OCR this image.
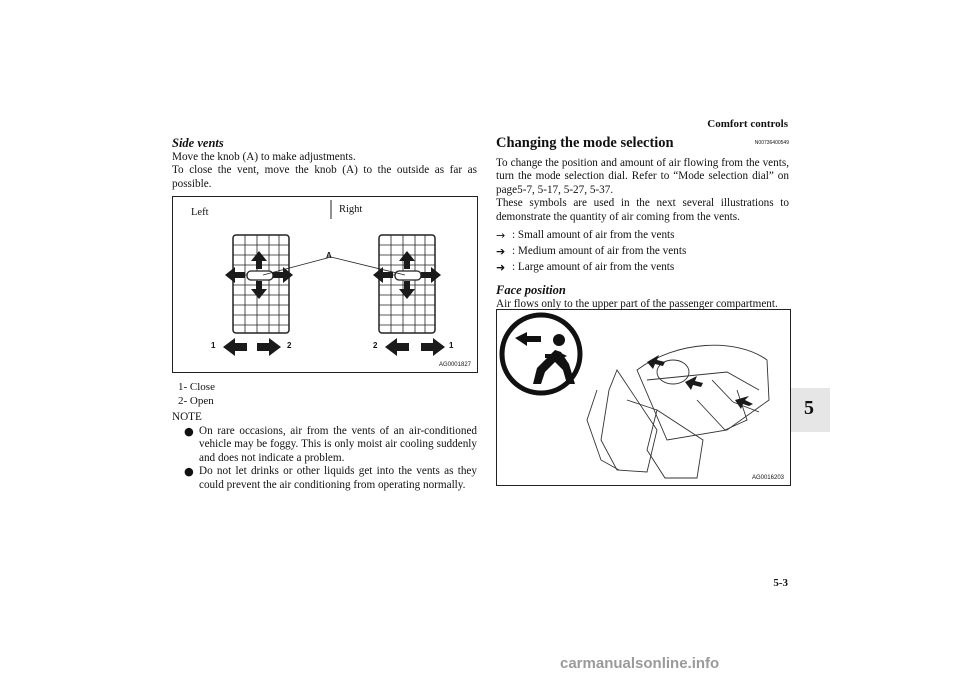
Comfort controls
5-3
5
Side vents
Move the knob (A) to make adjustments.
To close the vent, move the knob (A) to the outside as far as possible.
Left	Right
A
1	2	2	1
AG0001827
1- Close
2- Open
NOTE
● On rare occasions, air from the vents of an air-conditioned vehicle may be foggy. This is only moist air cooling suddenly and does not indicate a problem.
● Do not let drinks or other liquids get into the vents as they could prevent the air conditioning from operating normally.
Changing the mode selection	N00736400549
To change the position and amount of air flowing from the vents, turn the mode selection dial. Refer to “Mode selection dial” on page5-7, 5-17, 5-27, 5-37.
These symbols are used in the next several illustrations to demonstrate the quantity of air coming from the vents.
→ : Small amount of air from the vents
➔ : Medium amount of air from the vents
➜ : Large amount of air from the vents
Face position
Air flows only to the upper part of the passenger compartment.
AG0016203
carmanualsonline.info
